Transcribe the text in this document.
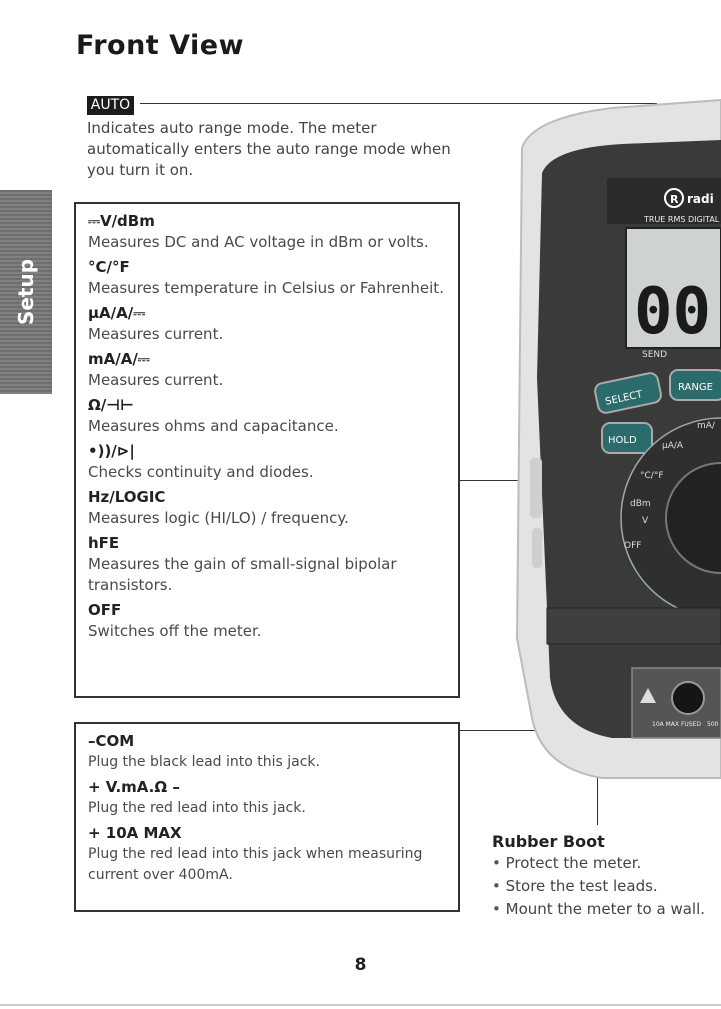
Front View
Setup
AUTO
Indicates auto range mode. The meter automatically enters the auto range mode when you turn it on.
⎓V/dBm
Measures DC and AC voltage in dBm or volts.
°C/°F
Measures temperature in Celsius or Fahrenheit.
µA/A/⎓
Measures current.
mA/A/⎓
Measures current.
Ω/⊣⊢
Measures ohms and capacitance.
•))/⊳|
Checks continuity and diodes.
Hz/LOGIC
Measures logic (HI/LO) / frequency.
hFE
Measures the gain of small-signal bipolar transistors.
OFF
Switches off the meter.
–COM
Plug the black lead into this jack.
+ V.mA.Ω –
Plug the red lead into this jack.
+ 10A MAX
Plug the red lead into this jack when measuring current over 400mA.
R radi
TRUE RMS DIGITAL
00
SEND
SELECT
RANGE
HOLD	µA/A
mA/
°C/°F
dBm
V
OFF
10A MAX FUSED 500
Rubber Boot
• Protect the meter.
• Store the test leads.
• Mount the meter to a wall.
8
